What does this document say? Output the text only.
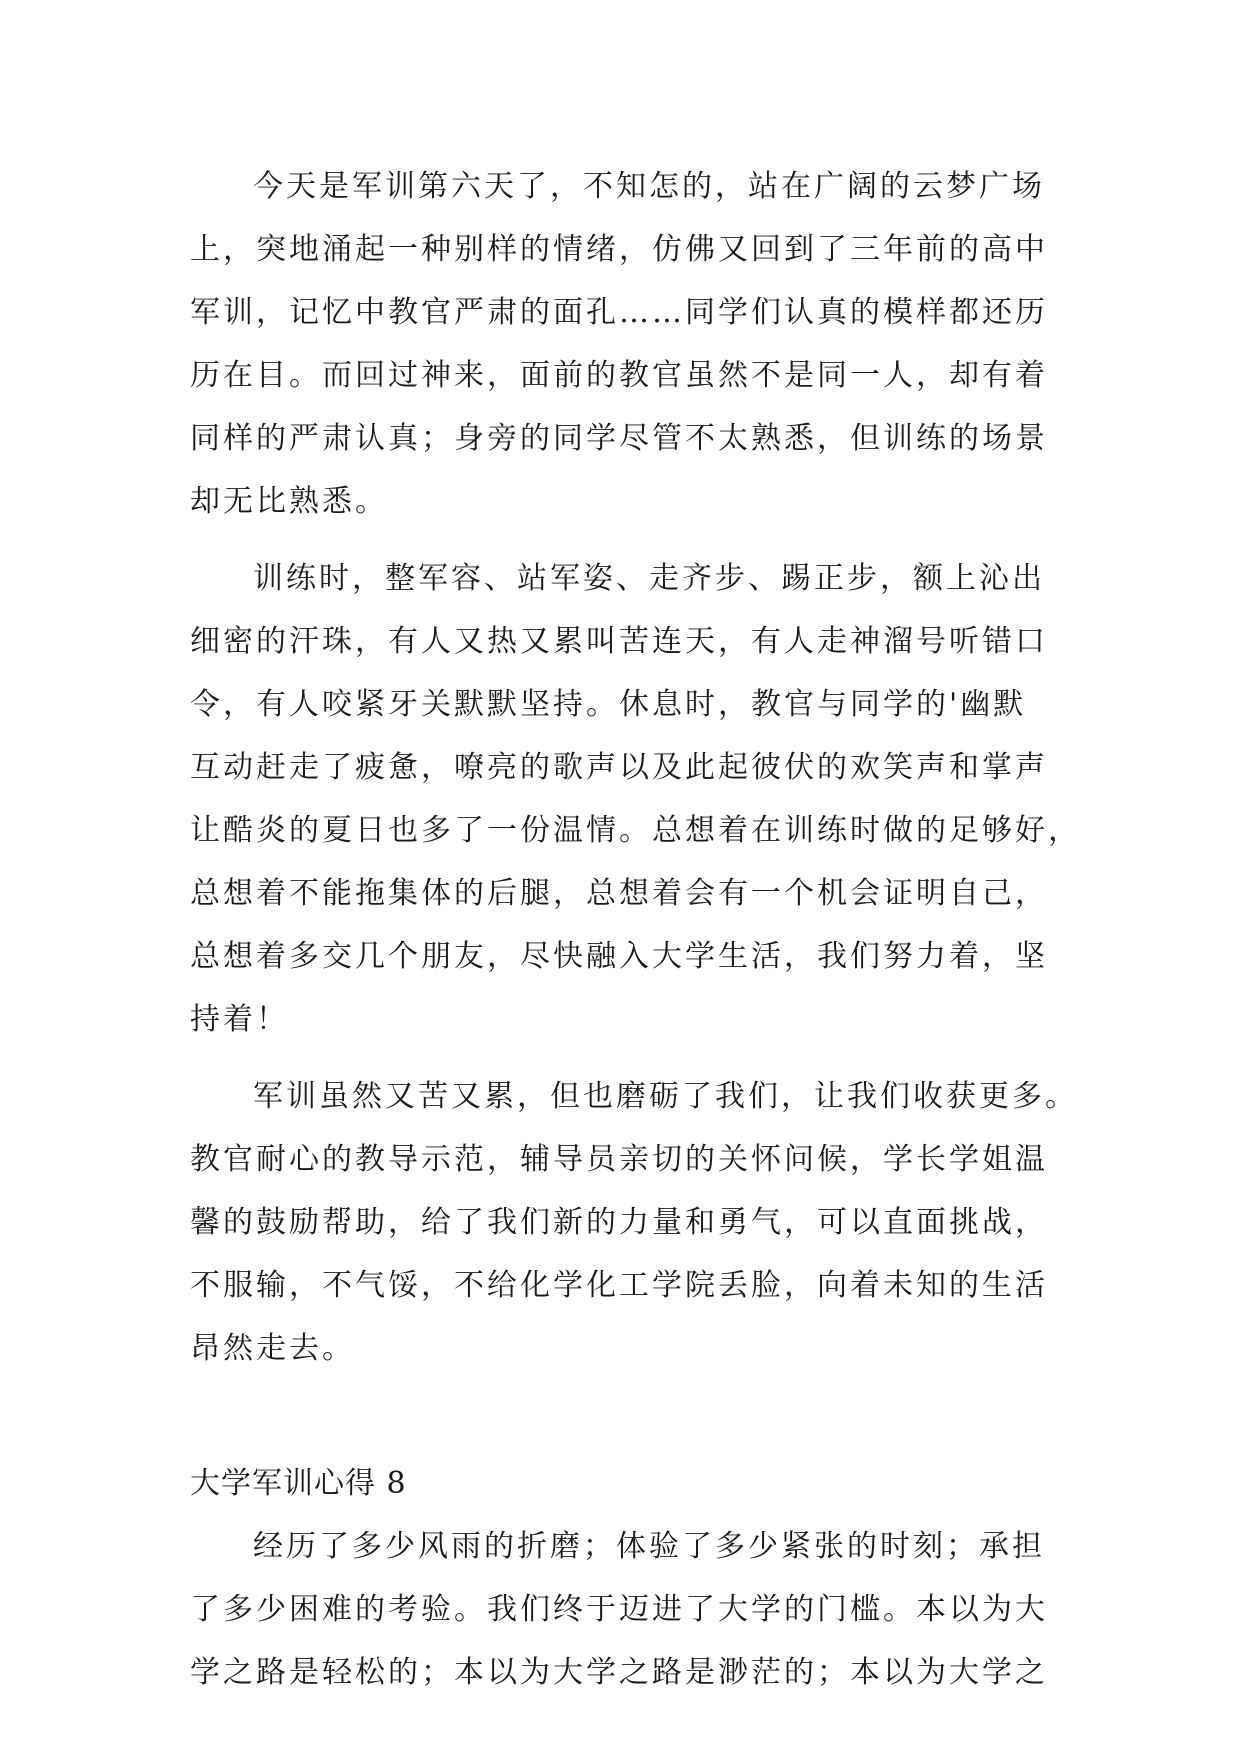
今天是军训第六天了，不知怎的，站在广阔的云梦广场
上，突地涌起一种别样的情绪，仿佛又回到了三年前的高中
军训，记忆中教官严肃的面孔……同学们认真的模样都还历
历在目。而回过神来，面前的教官虽然不是同一人，却有着
同样的严肃认真；身旁的同学尽管不太熟悉，但训练的场景
却无比熟悉。
训练时，整军容、站军姿、走齐步、踢正步，额上沁出
细密的汗珠，有人又热又累叫苦连天，有人走神溜号听错口
令，有人咬紧牙关默默坚持。休息时，教官与同学的'幽默
互动赶走了疲惫，嘹亮的歌声以及此起彼伏的欢笑声和掌声
让酷炎的夏日也多了一份温情。总想着在训练时做的足够好，
总想着不能拖集体的后腿，总想着会有一个机会证明自己，
总想着多交几个朋友，尽快融入大学生活，我们努力着，坚
持着！
军训虽然又苦又累，但也磨砺了我们，让我们收获更多。
教官耐心的教导示范，辅导员亲切的关怀问候，学长学姐温
馨的鼓励帮助，给了我们新的力量和勇气，可以直面挑战，
不服输，不气馁，不给化学化工学院丢脸，向着未知的生活
昂然走去。
大学军训心得 8
经历了多少风雨的折磨；体验了多少紧张的时刻；承担
了多少困难的考验。我们终于迈进了大学的门槛。本以为大
学之路是轻松的；本以为大学之路是渺茫的；本以为大学之
